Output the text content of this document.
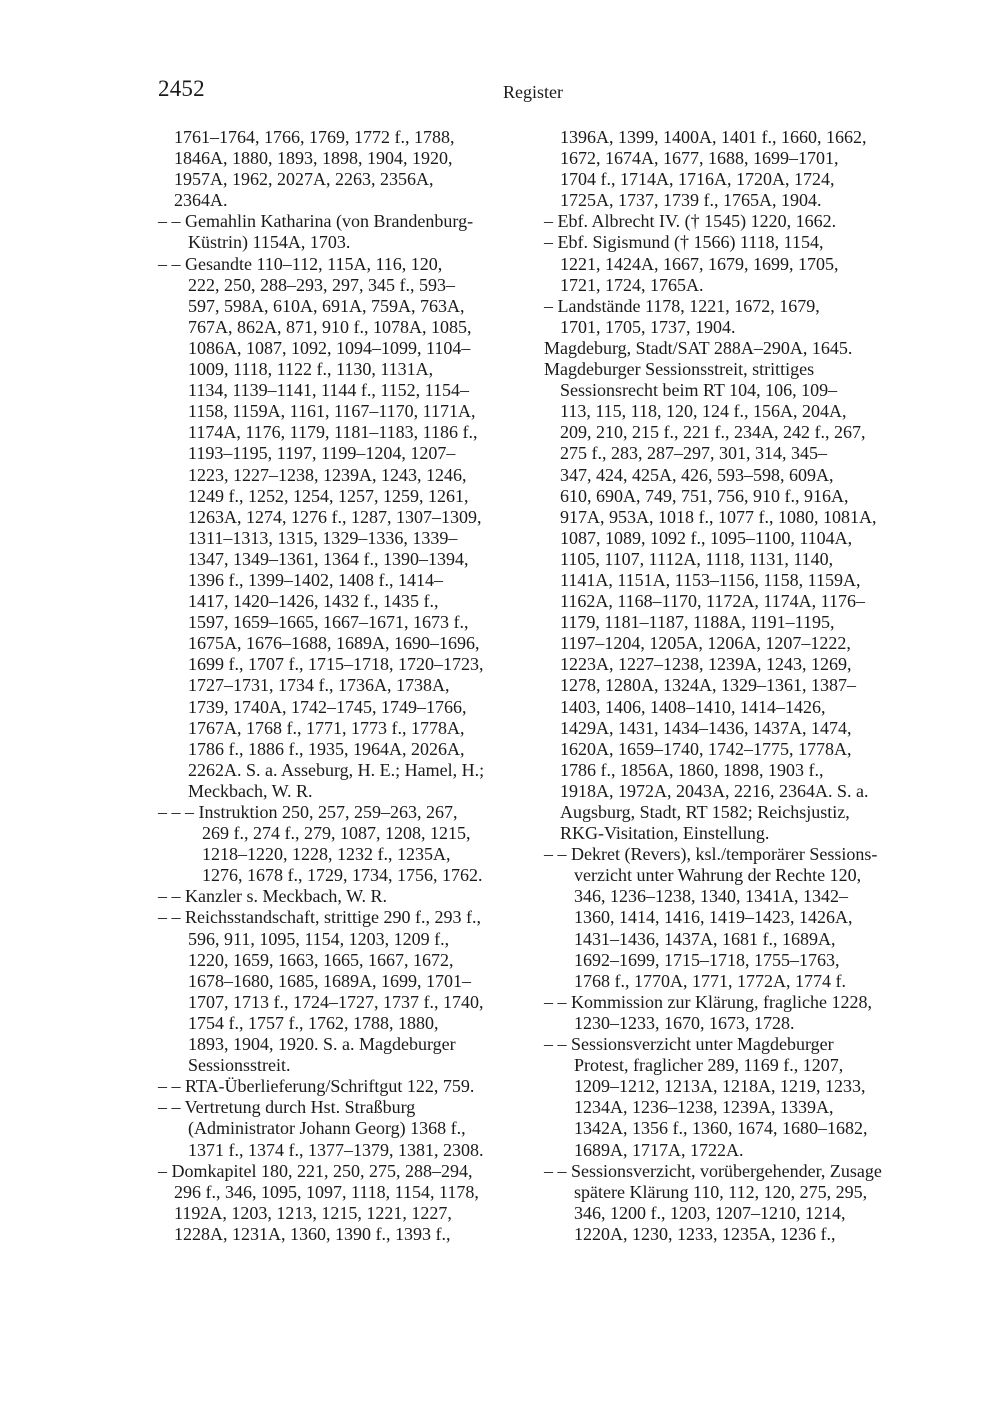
2452	Register
1761–1764, 1766, 1769, 1772 f., 1788,
1846A, 1880, 1893, 1898, 1904, 1920,
1957A, 1962, 2027A, 2263, 2356A,
2364A.
– – Gemahlin Katharina (von Brandenburg-
Küstrin) 1154A, 1703.
– – Gesandte 110–112, 115A, 116, 120,
222, 250, 288–293, 297, 345 f., 593–
597, 598A, 610A, 691A, 759A, 763A,
767A, 862A, 871, 910 f., 1078A, 1085,
1086A, 1087, 1092, 1094–1099, 1104–
1009, 1118, 1122 f., 1130, 1131A,
1134, 1139–1141, 1144 f., 1152, 1154–
1158, 1159A, 1161, 1167–1170, 1171A,
1174A, 1176, 1179, 1181–1183, 1186 f.,
1193–1195, 1197, 1199–1204, 1207–
1223, 1227–1238, 1239A, 1243, 1246,
1249 f., 1252, 1254, 1257, 1259, 1261,
1263A, 1274, 1276 f., 1287, 1307–1309,
1311–1313, 1315, 1329–1336, 1339–
1347, 1349–1361, 1364 f., 1390–1394,
1396 f., 1399–1402, 1408 f., 1414–
1417, 1420–1426, 1432 f., 1435 f.,
1597, 1659–1665, 1667–1671, 1673 f.,
1675A, 1676–1688, 1689A, 1690–1696,
1699 f., 1707 f., 1715–1718, 1720–1723,
1727–1731, 1734 f., 1736A, 1738A,
1739, 1740A, 1742–1745, 1749–1766,
1767A, 1768 f., 1771, 1773 f., 1778A,
1786 f., 1886 f., 1935, 1964A, 2026A,
2262A. S. a. Asseburg, H. E.; Hamel, H.;
Meckbach, W. R.
– – – Instruktion 250, 257, 259–263, 267,
269 f., 274 f., 279, 1087, 1208, 1215,
1218–1220, 1228, 1232 f., 1235A,
1276, 1678 f., 1729, 1734, 1756, 1762.
– – Kanzler s. Meckbach, W. R.
– – Reichsstandschaft, strittige 290 f., 293 f.,
596, 911, 1095, 1154, 1203, 1209 f.,
1220, 1659, 1663, 1665, 1667, 1672,
1678–1680, 1685, 1689A, 1699, 1701–
1707, 1713 f., 1724–1727, 1737 f., 1740,
1754 f., 1757 f., 1762, 1788, 1880,
1893, 1904, 1920. S. a. Magdeburger
Sessionsstreit.
– – RTA-Überlieferung/Schriftgut 122, 759.
– – Vertretung durch Hst. Straßburg
(Administrator Johann Georg) 1368 f.,
1371 f., 1374 f., 1377–1379, 1381, 2308.
– Domkapitel 180, 221, 250, 275, 288–294,
296 f., 346, 1095, 1097, 1118, 1154, 1178,
1192A, 1203, 1213, 1215, 1221, 1227,
1228A, 1231A, 1360, 1390 f., 1393 f.,
1396A, 1399, 1400A, 1401 f., 1660, 1662,
1672, 1674A, 1677, 1688, 1699–1701,
1704 f., 1714A, 1716A, 1720A, 1724,
1725A, 1737, 1739 f., 1765A, 1904.
– Ebf. Albrecht IV. († 1545) 1220, 1662.
– Ebf. Sigismund († 1566) 1118, 1154,
1221, 1424A, 1667, 1679, 1699, 1705,
1721, 1724, 1765A.
– Landstände 1178, 1221, 1672, 1679,
1701, 1705, 1737, 1904.
Magdeburg, Stadt/SAT 288A–290A, 1645.
Magdeburger Sessionsstreit, strittiges
Sessionsrecht beim RT 104, 106, 109–
113, 115, 118, 120, 124 f., 156A, 204A,
209, 210, 215 f., 221 f., 234A, 242 f., 267,
275 f., 283, 287–297, 301, 314, 345–
347, 424, 425A, 426, 593–598, 609A,
610, 690A, 749, 751, 756, 910 f., 916A,
917A, 953A, 1018 f., 1077 f., 1080, 1081A,
1087, 1089, 1092 f., 1095–1100, 1104A,
1105, 1107, 1112A, 1118, 1131, 1140,
1141A, 1151A, 1153–1156, 1158, 1159A,
1162A, 1168–1170, 1172A, 1174A, 1176–
1179, 1181–1187, 1188A, 1191–1195,
1197–1204, 1205A, 1206A, 1207–1222,
1223A, 1227–1238, 1239A, 1243, 1269,
1278, 1280A, 1324A, 1329–1361, 1387–
1403, 1406, 1408–1410, 1414–1426,
1429A, 1431, 1434–1436, 1437A, 1474,
1620A, 1659–1740, 1742–1775, 1778A,
1786 f., 1856A, 1860, 1898, 1903 f.,
1918A, 1972A, 2043A, 2216, 2364A. S. a.
Augsburg, Stadt, RT 1582; Reichsjustiz,
RKG-Visitation, Einstellung.
– – Dekret (Revers), ksl./temporärer Sessions-
verzicht unter Wahrung der Rechte 120,
346, 1236–1238, 1340, 1341A, 1342–
1360, 1414, 1416, 1419–1423, 1426A,
1431–1436, 1437A, 1681 f., 1689A,
1692–1699, 1715–1718, 1755–1763,
1768 f., 1770A, 1771, 1772A, 1774 f.
– – Kommission zur Klärung, fragliche 1228,
1230–1233, 1670, 1673, 1728.
– – Sessionsverzicht unter Magdeburger
Protest, fraglicher 289, 1169 f., 1207,
1209–1212, 1213A, 1218A, 1219, 1233,
1234A, 1236–1238, 1239A, 1339A,
1342A, 1356 f., 1360, 1674, 1680–1682,
1689A, 1717A, 1722A.
– – Sessionsverzicht, vorübergehender, Zusage
spätere Klärung 110, 112, 120, 275, 295,
346, 1200 f., 1203, 1207–1210, 1214,
1220A, 1230, 1233, 1235A, 1236 f.,
